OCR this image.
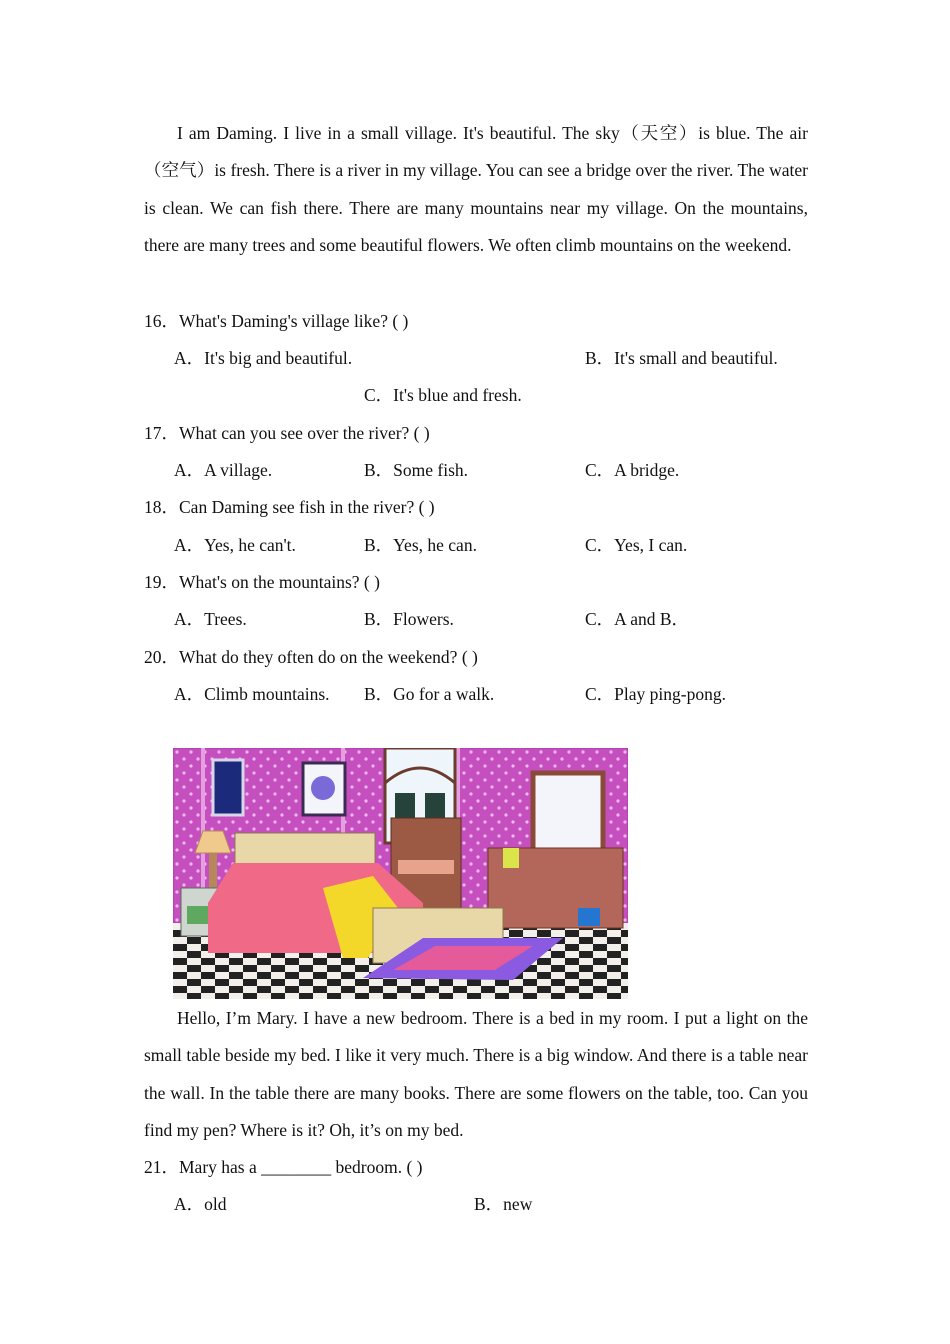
I am Daming. I live in a small village. It's beautiful. The sky（天空）is blue. The air（空气）is fresh. There is a river in my village. You can see a bridge over the river. The water is clean. We can fish there. There are many mountains near my village. On the mountains, there are many trees and some beautiful flowers. We often climb mountains on the weekend.

16．What's Daming's village like? ( )
A．It's big and beautiful.	B．It's small and beautiful.
C．It's blue and fresh.
17．What can you see over the river? ( )
A．A village.	B．Some fish.	C．A bridge.
18．Can Daming see fish in the river? ( )
A．Yes, he can't.	B．Yes, he can.	C．Yes, I can.
19．What's on the mountains? ( )
A．Trees.	B．Flowers.	C．A and B．
20．What do they often do on the weekend? ( )
A．Climb mountains. B．Go for a walk.	C．Play ping-pong.

Hello, I’m Mary. I have a new bedroom. There is a bed in my room. I put a light on the small table beside my bed. I like it very much. There is a big window. And there is a table near the wall. In the table there are many books. There are some flowers on the table, too. Can you find my pen? Where is it? Oh, it’s on my bed.

21．Mary has a ________ bedroom. ( )
A．old	B．new
